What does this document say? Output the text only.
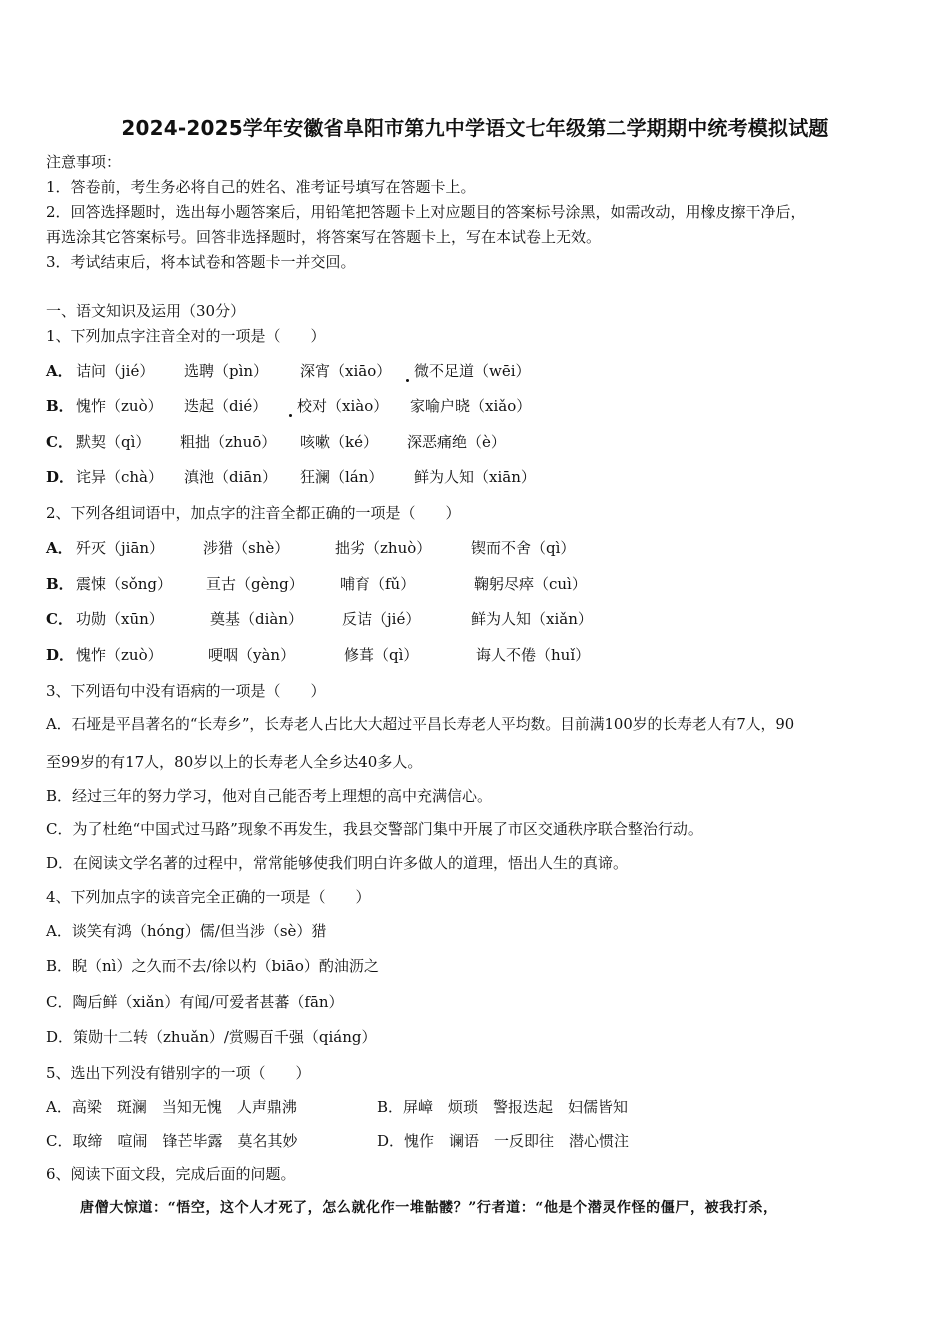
2024-2025学年安徽省阜阳市第九中学语文七年级第二学期期中统考模拟试题
注意事项：
1．答卷前，考生务必将自己的姓名、准考证号填写在答题卡上。
2．回答选择题时，选出每小题答案后，用铅笔把答题卡上对应题目的答案标号涂黑，如需改动，用橡皮擦干净后，
再选涂其它答案标号。回答非选择题时，将答案写在答题卡上，写在本试卷上无效。
3．考试结束后，将本试卷和答题卡一并交回。
一、语文知识及运用（30分）
1、下列加点字注音全对的一项是（　　）
A． 诘问（jié） 选聘（pìn） 深宵（xiāo） 微不足道（wēi）
B． 愧怍（zuò） 迭起（dié） 校对（xiào） 家喻户晓（xiǎo）
C． 默契（qì） 粗拙（zhuō） 咳嗽（ké） 深恶痛绝（è）
D． 诧异（chà） 滇池（diān） 狂澜（lán） 鲜为人知（xiān）
2、下列各组词语中，加点字的注音全都正确的一项是（　　）
A． 歼灭（jiān）	涉猎（shè）	拙劣（zhuò）	锲而不舍（qì）
B． 震悚（sǒng） 亘古（gèng） 哺育（fǔ）	鞠躬尽瘁（cuì）
C． 功勋（xūn）	奠基（diàn）	反诘（jié）	鲜为人知（xiǎn）
D． 愧怍（zuò）	哽咽（yàn）	修葺（qì）	诲人不倦（huǐ）
3、下列语句中没有语病的一项是（　　）
A．石垭是平昌著名的“长寿乡”，长寿老人占比大大超过平昌长寿老人平均数。目前满100岁的长寿老人有7人，90
至99岁的有17人，80岁以上的长寿老人全乡达40多人。
B．经过三年的努力学习，他对自己能否考上理想的高中充满信心。
C．为了杜绝“中国式过马路”现象不再发生，我县交警部门集中开展了市区交通秩序联合整治行动。
D．在阅读文学名著的过程中，常常能够使我们明白许多做人的道理，悟出人生的真谛。
4、下列加点字的读音完全正确的一项是（　　）
A．谈笑有鸿（hóng）儒/但当涉（sè）猎
B．睨（nì）之久而不去/徐以杓（biāo）酌油沥之
C．陶后鲜（xiǎn）有闻/可爱者甚蕃（fān）
D．策勋十二转（zhuǎn）/赏赐百千强（qiáng）
5、选出下列没有错别字的一项（　　）
A．高梁　斑澜　当知无愧　人声鼎沸	B．屏嶂　烦琐　警报迭起　妇儒皆知
C．取缔　喧闹　锋芒毕露　莫名其妙	D．愧作　谰语　一反即往　潜心惯注
6、阅读下面文段，完成后面的问题。
唐僧大惊道：“悟空，这个人才死了，怎么就化作一堆骷髅？”行者道：“他是个潜灵作怪的僵尸，被我打杀，
